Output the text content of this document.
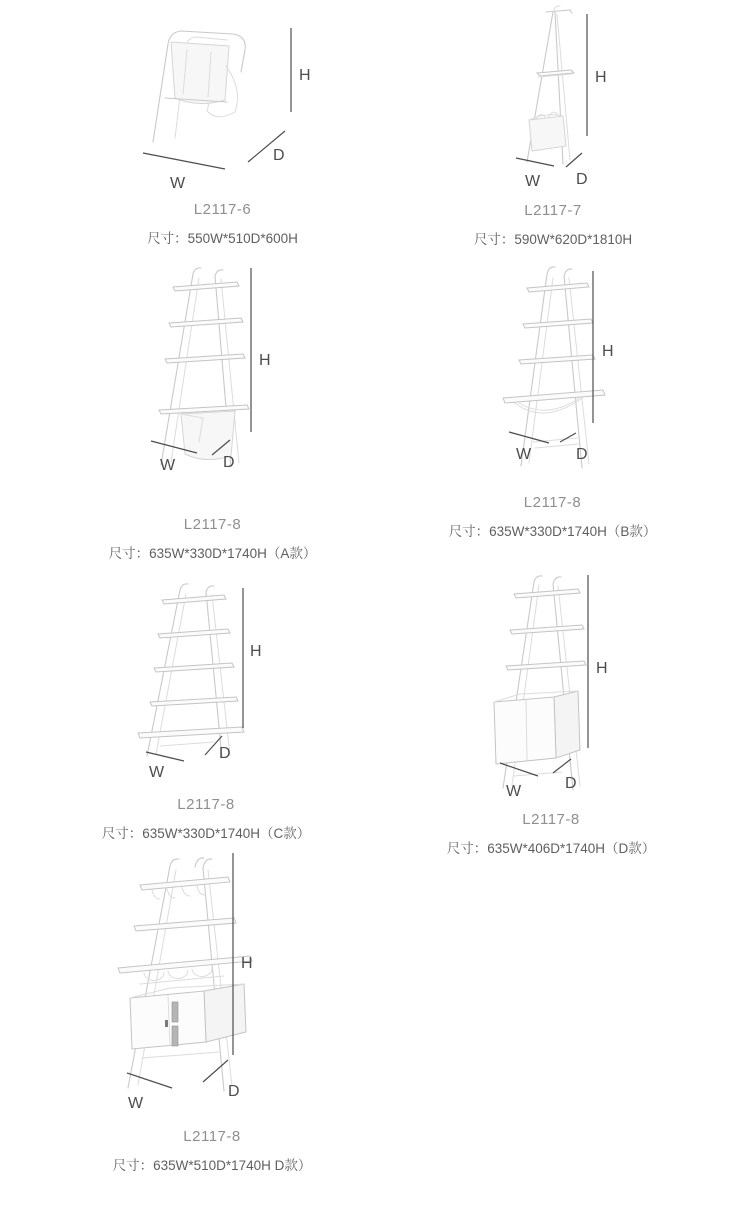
H
D
W
L2117-6
尺寸：550W*510D*600H
H
W D
L2117-7
尺寸：590W*620D*1810H
H
W	D
L2117-8
尺寸：635W*330D*1740H（A款）
H
W	D
L2117-8
尺寸：635W*330D*1740H（B款）
H
D
W
L2117-8
尺寸：635W*330D*1740H（C款）
H
W	D
L2117-8
尺寸：635W*406D*1740H（D款）
H
W
D
L2117-8
尺寸：635W*510D*1740H D款）
